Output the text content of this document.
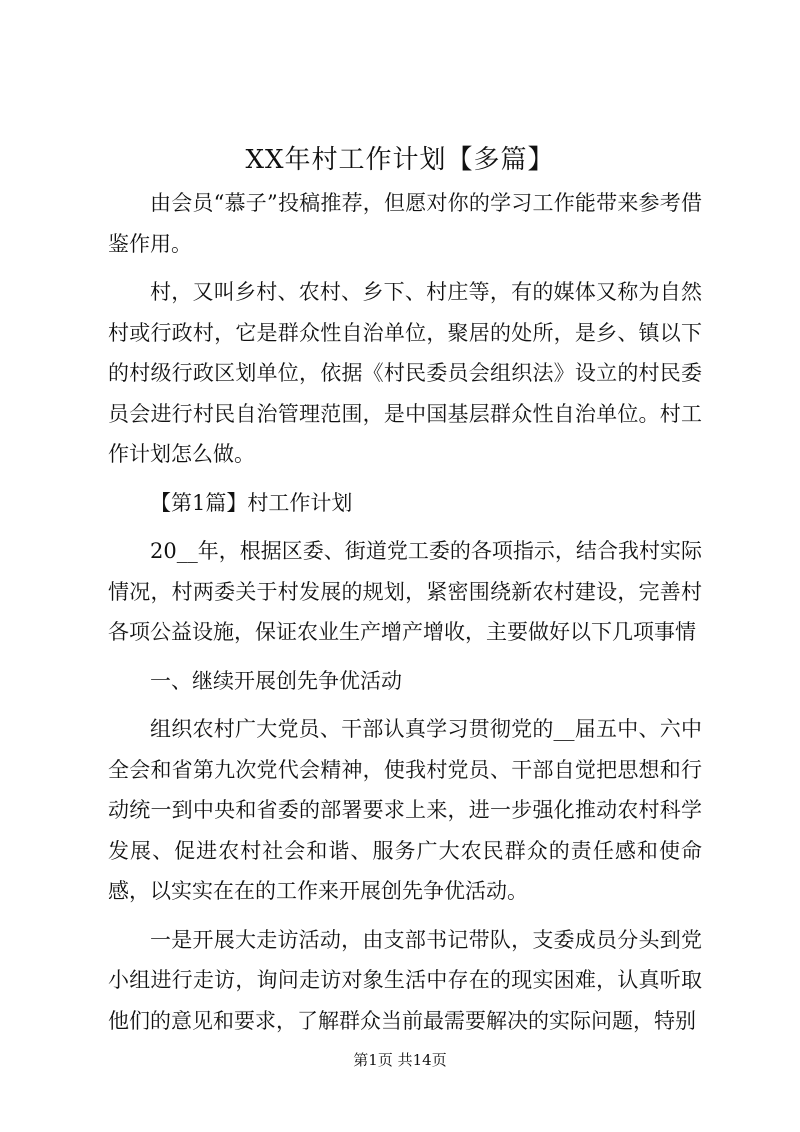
XX年村工作计划【多篇】

由会员“慕子”投稿推荐，但愿对你的学习工作能带来参考借鉴作用。

村，又叫乡村、农村、乡下、村庄等，有的媒体又称为自然村或行政村，它是群众性自治单位，聚居的处所，是乡、镇以下的村级行政区划单位，依据《村民委员会组织法》设立的村民委员会进行村民自治管理范围，是中国基层群众性自治单位。村工作计划怎么做。

【第1篇】村工作计划

20__年，根据区委、街道党工委的各项指示，结合我村实际情况，村两委关于村发展的规划，紧密围绕新农村建设，完善村各项公益设施，保证农业生产增产增收，主要做好以下几项事情

一、继续开展创先争优活动

组织农村广大党员、干部认真学习贯彻党的__届五中、六中全会和省第九次党代会精神，使我村党员、干部自觉把思想和行动统一到中央和省委的部署要求上来，进一步强化推动农村科学发展、促进农村社会和谐、服务广大农民群众的责任感和使命感，以实实在在的工作来开展创先争优活动。

一是开展大走访活动，由支部书记带队，支委成员分头到党小组进行走访，询问走访对象生活中存在的现实困难，认真听取他们的意见和要求，了解群众当前最需要解决的实际问题，特别

第1页 共14页
